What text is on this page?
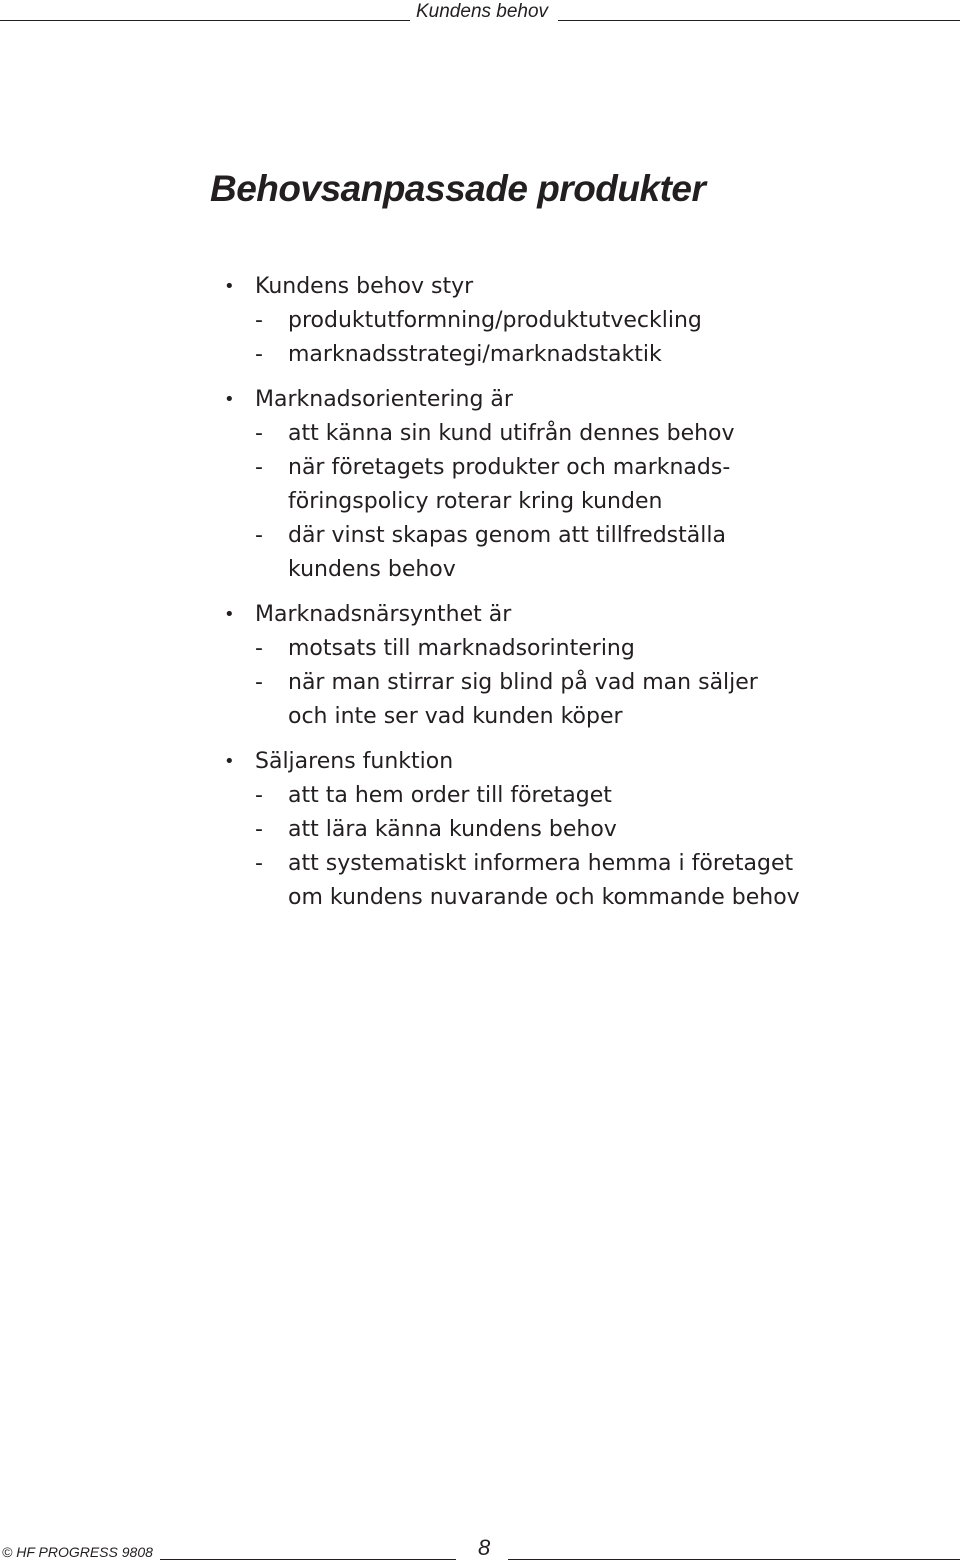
Kundens behov
Behovsanpassade produkter
• Kundens behov styr
- produktutformning/produktutveckling
- marknadsstrategi/marknadstaktik
• Marknadsorientering är
- att känna sin kund utifrån dennes behov
- när företagets produkter och marknads-
föringspolicy roterar kring kunden
- där vinst skapas genom att tillfredställa
kundens behov
• Marknadsnärsynthet är
- motsats till marknadsorintering
- när man stirrar sig blind på vad man säljer
och inte ser vad kunden köper
• Säljarens funktion
- att ta hem order till företaget
- att lära känna kundens behov
- att systematiskt informera hemma i företaget
om kundens nuvarande och kommande behov
© HF PROGRESS 9808	8
